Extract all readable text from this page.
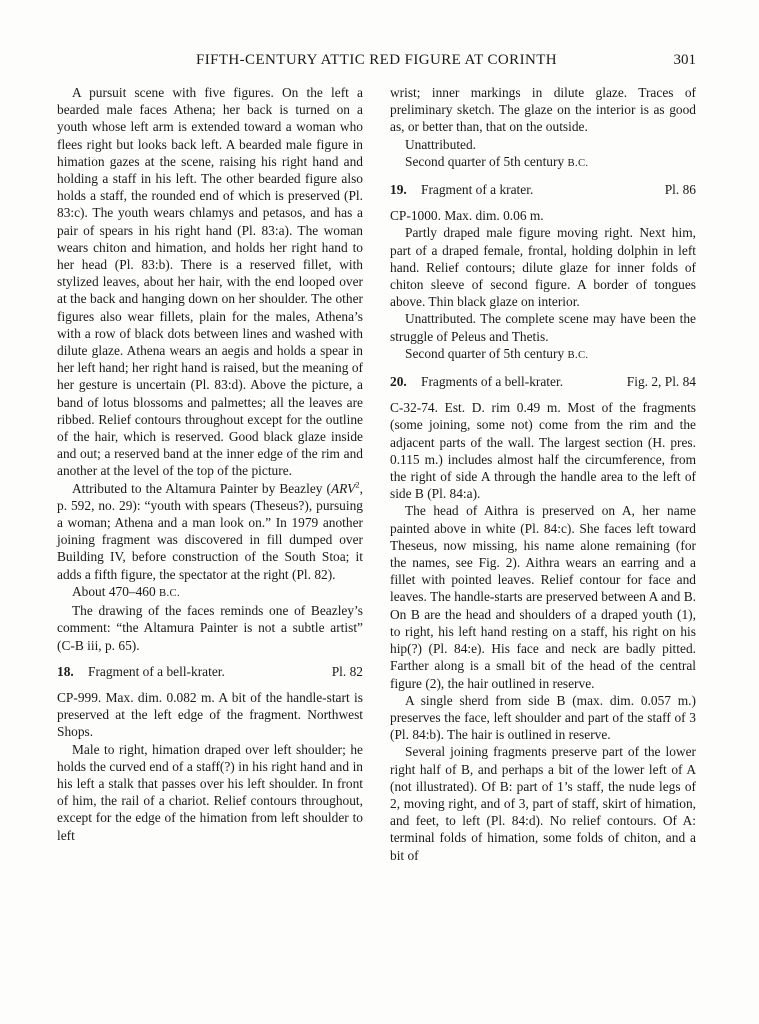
FIFTH-CENTURY ATTIC RED FIGURE AT CORINTH	301

A pursuit scene with five figures. On the left a bearded male faces Athena; her back is turned on a youth whose left arm is extended toward a woman who flees right but looks back left. A bearded male figure in himation gazes at the scene, raising his right hand and holding a staff in his left. The other bearded figure also holds a staff, the rounded end of which is preserved (Pl. 83:c). The youth wears chlamys and petasos, and has a pair of spears in his right hand (Pl. 83:a). The woman wears chiton and himation, and holds her right hand to her head (Pl. 83:b). There is a reserved fillet, with stylized leaves, about her hair, with the end looped over at the back and hanging down on her shoulder. The other figures also wear fillets, plain for the males, Athena’s with a row of black dots between lines and washed with dilute glaze. Athena wears an aegis and holds a spear in her left hand; her right hand is raised, but the meaning of her gesture is uncertain (Pl. 83:d). Above the picture, a band of lotus blossoms and palmettes; all the leaves are ribbed. Relief contours throughout except for the outline of the hair, which is reserved. Good black glaze inside and out; a reserved band at the inner edge of the rim and another at the level of the top of the picture.

Attributed to the Altamura Painter by Beazley (ARV$^2$, p. 592, no. 29): “youth with spears (Theseus?), pursuing a woman; Athena and a man look on.” In 1979 another joining fragment was discovered in fill dumped over Building IV, before construction of the South Stoa; it adds a fifth figure, the spectator at the right (Pl. 82).

About 470–460 B.C.

The drawing of the faces reminds one of Beazley’s comment: “the Altamura Painter is not a subtle artist” (C-B iii, p. 65).

18.	Fragment of a bell-krater.	Pl. 82

CP-999. Max. dim. 0.082 m. A bit of the handle-start is preserved at the left edge of the fragment. Northwest Shops.

Male to right, himation draped over left shoulder; he holds the curved end of a staff(?) in his right hand and in his left a stalk that passes over his left shoulder. In front of him, the rail of a chariot. Relief contours throughout, except for the edge of the himation from left shoulder to left

wrist; inner markings in dilute glaze. Traces of preliminary sketch. The glaze on the interior is as good as, or better than, that on the outside.

Unattributed.

Second quarter of 5th century B.C.

19.	Fragment of a krater.	Pl. 86

CP-1000. Max. dim. 0.06 m.

Partly draped male figure moving right. Next him, part of a draped female, frontal, holding dolphin in left hand. Relief contours; dilute glaze for inner folds of chiton sleeve of second figure. A border of tongues above. Thin black glaze on interior.

Unattributed. The complete scene may have been the struggle of Peleus and Thetis.

Second quarter of 5th century B.C.

20.	Fragments of a bell-krater.	Fig. 2, Pl. 84

C-32-74. Est. D. rim 0.49 m. Most of the fragments (some joining, some not) come from the rim and the adjacent parts of the wall. The largest section (H. pres. 0.115 m.) includes almost half the circumference, from the right of side A through the handle area to the left of side B (Pl. 84:a).

The head of Aithra is preserved on A, her name painted above in white (Pl. 84:c). She faces left toward Theseus, now missing, his name alone remaining (for the names, see Fig. 2). Aithra wears an earring and a fillet with pointed leaves. Relief contour for face and leaves. The handle-starts are preserved between A and B. On B are the head and shoulders of a draped youth (1), to right, his left hand resting on a staff, his right on his hip(?) (Pl. 84:e). His face and neck are badly pitted. Farther along is a small bit of the head of the central figure (2), the hair outlined in reserve.

A single sherd from side B (max. dim. 0.057 m.) preserves the face, left shoulder and part of the staff of 3 (Pl. 84:b). The hair is outlined in reserve.

Several joining fragments preserve part of the lower right half of B, and perhaps a bit of the lower left of A (not illustrated). Of B: part of 1’s staff, the nude legs of 2, moving right, and of 3, part of staff, skirt of himation, and feet, to left (Pl. 84:d). No relief contours. Of A: terminal folds of himation, some folds of chiton, and a bit of
